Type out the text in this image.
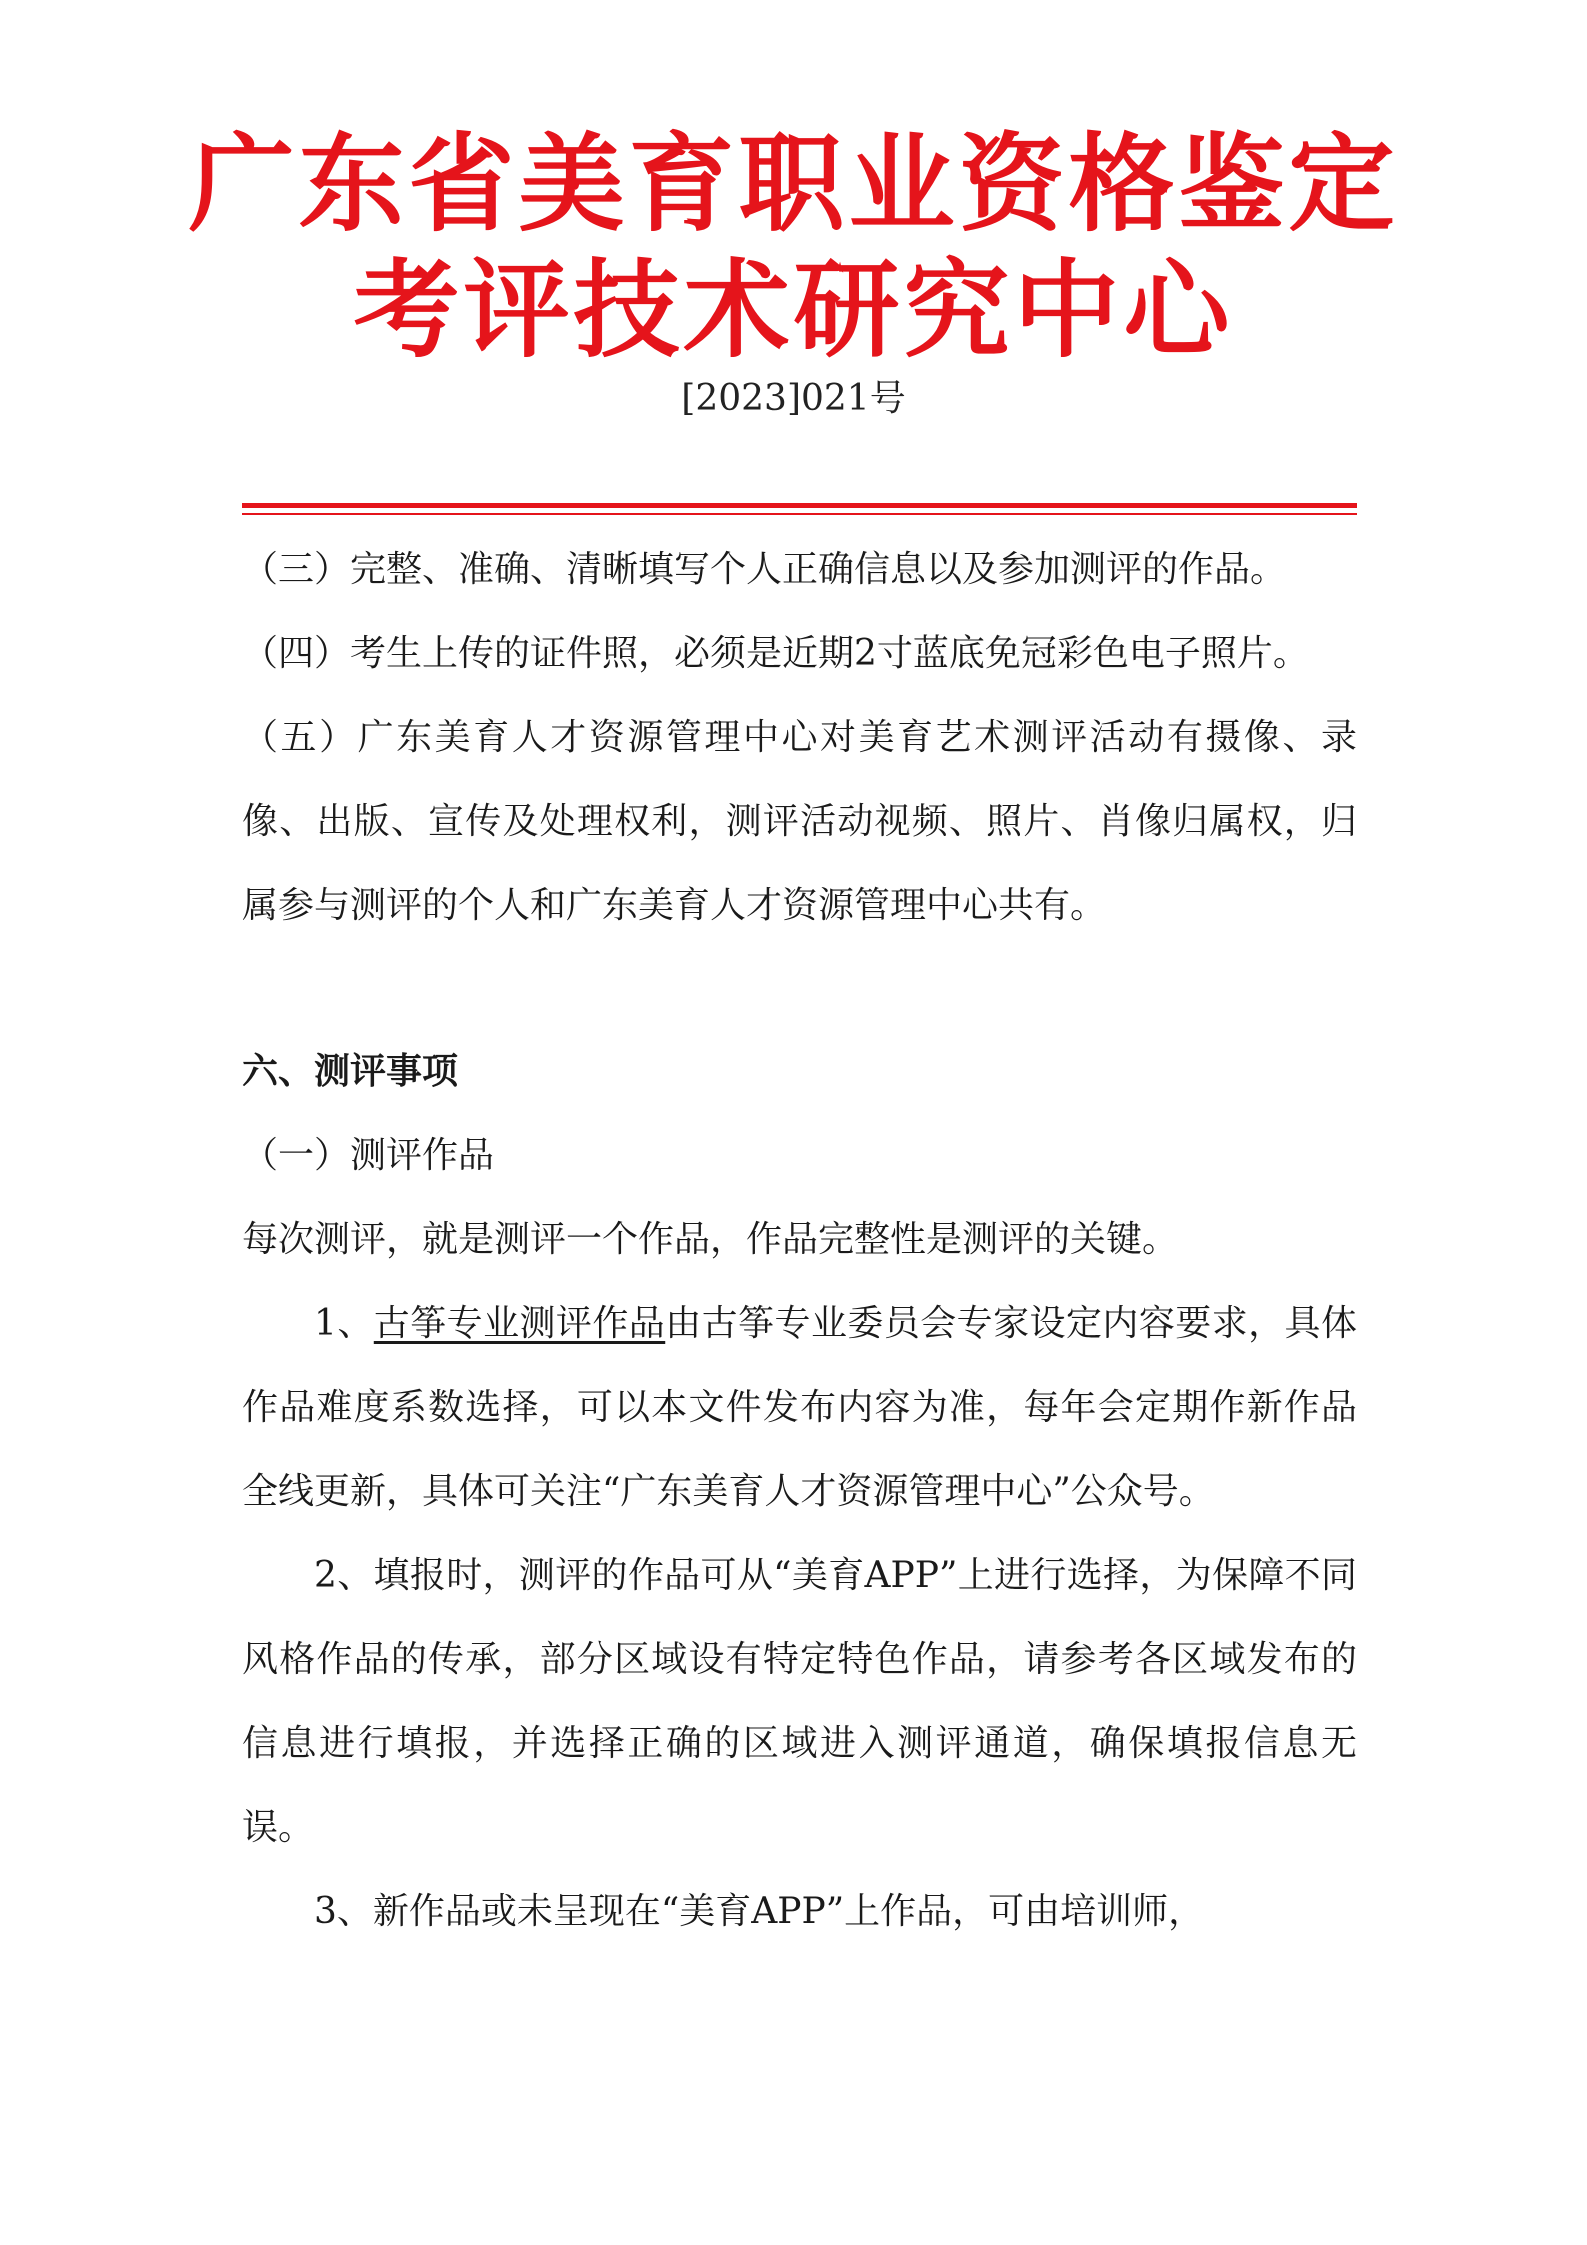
广东省美育职业资格鉴定
考评技术研究中心
[2023]021号

（三）完整、准确、清晰填写个人正确信息以及参加测评的作品。

（四）考生上传的证件照，必须是近期2寸蓝底免冠彩色电子照片。

（五）广东美育人才资源管理中心对美育艺术测评活动有摄像、录像、出版、宣传及处理权利，测评活动视频、照片、肖像归属权，归属参与测评的个人和广东美育人才资源管理中心共有。

六、测评事项

（一）测评作品

每次测评，就是测评一个作品，作品完整性是测评的关键。

1、古筝专业测评作品由古筝专业委员会专家设定内容要求，具体作品难度系数选择，可以本文件发布内容为准，每年会定期作新作品全线更新，具体可关注“广东美育人才资源管理中心”公众号。

2、填报时，测评的作品可从“美育APP”上进行选择，为保障不同风格作品的传承，部分区域设有特定特色作品，请参考各区域发布的信息进行填报，并选择正确的区域进入测评通道，确保填报信息无误。

3、新作品或未呈现在“美育APP”上作品，可由培训师，
